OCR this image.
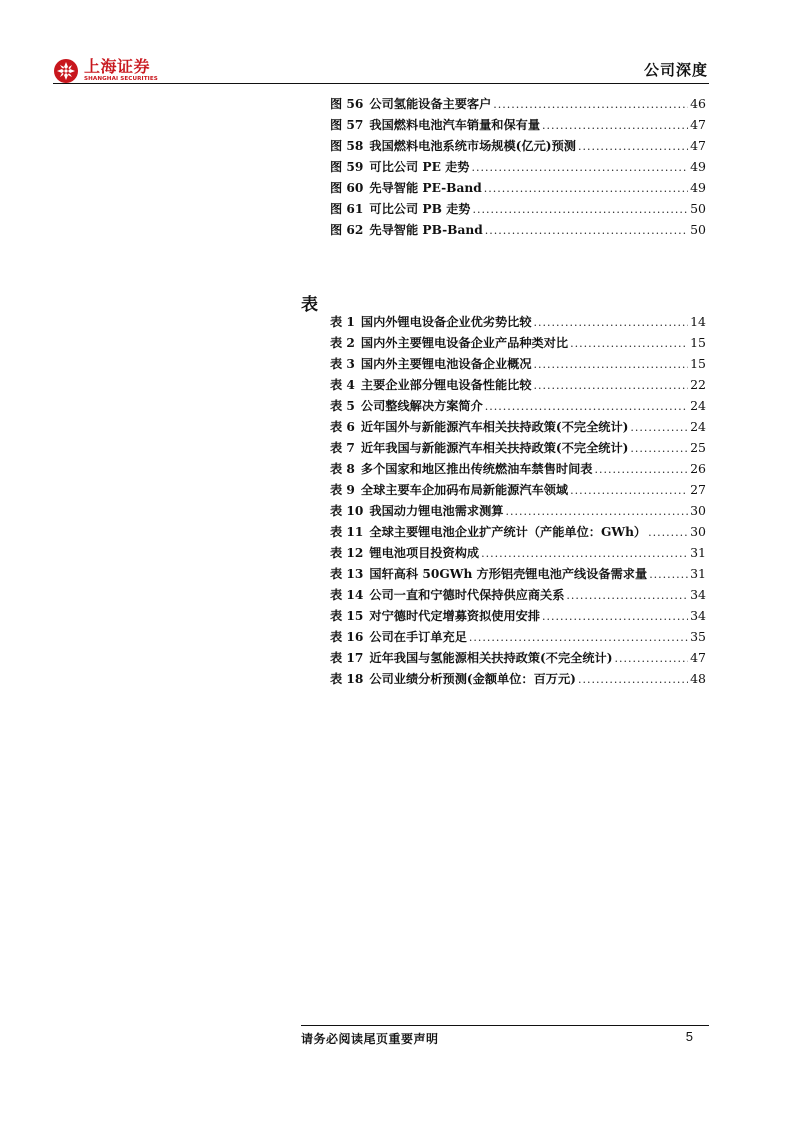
上海证券
SHANGHAI SECURITIES
公司深度
图 56 公司氢能设备主要客户 .....	46
图 57 我国燃料电池汽车销量和保有量 .....	47
图 58 我国燃料电池系统市场规模(亿元)预测 .....	47
图 59 可比公司 PE 走势 .....	49
图 60 先导智能 PE-Band .....	49
图 61 可比公司 PB 走势 .....	50
图 62 先导智能 PB-Band .....	50
表
表 1 国内外锂电设备企业优劣势比较 .....	14
表 2 国内外主要锂电设备企业产品种类对比 .....	15
表 3 国内外主要锂电池设备企业概况 .....	15
表 4 主要企业部分锂电设备性能比较 .....	22
表 5 公司整线解决方案简介 .....	24
表 6 近年国外与新能源汽车相关扶持政策(不完全统计) .....	24
表 7 近年我国与新能源汽车相关扶持政策(不完全统计) .....	25
表 8 多个国家和地区推出传统燃油车禁售时间表 .....	26
表 9 全球主要车企加码布局新能源汽车领域 .....	27
表 10 我国动力锂电池需求测算 .....	30
表 11 全球主要锂电池企业扩产统计（产能单位：GWh） .....	30
表 12 锂电池项目投资构成 .....	31
表 13 国轩高科 50GWh 方形铝壳锂电池产线设备需求量 .....	31
表 14 公司一直和宁德时代保持供应商关系 .....	34
表 15 对宁德时代定增募资拟使用安排 .....	34
表 16 公司在手订单充足 .....	35
表 17 近年我国与氢能源相关扶持政策(不完全统计) .....	47
表 18 公司业绩分析预测(金额单位：百万元) .....	48
请务必阅读尾页重要声明	5
